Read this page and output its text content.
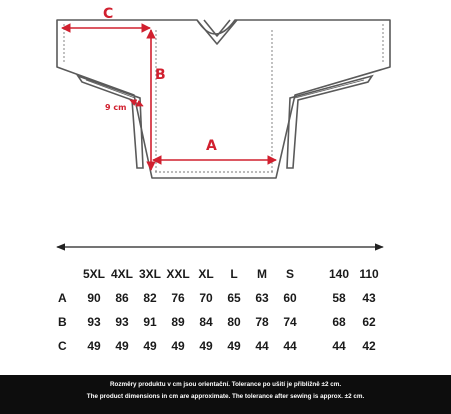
C
B
A
9 cm
	5XL	4XL	3XL	XXL	XL	L	M	S		140	110
A	90	86	82	76	70	65	63	60		58	43
B	93	93	91	89	84	80	78	74		68	62
C	49	49	49	49	49	49	44	44		44	42
Rozměry produktu v cm jsou orientační. Tolerance po ušití je přibližně ±2 cm.
The product dimensions in cm are approximate. The tolerance after sewing is approx. ±2 cm.
